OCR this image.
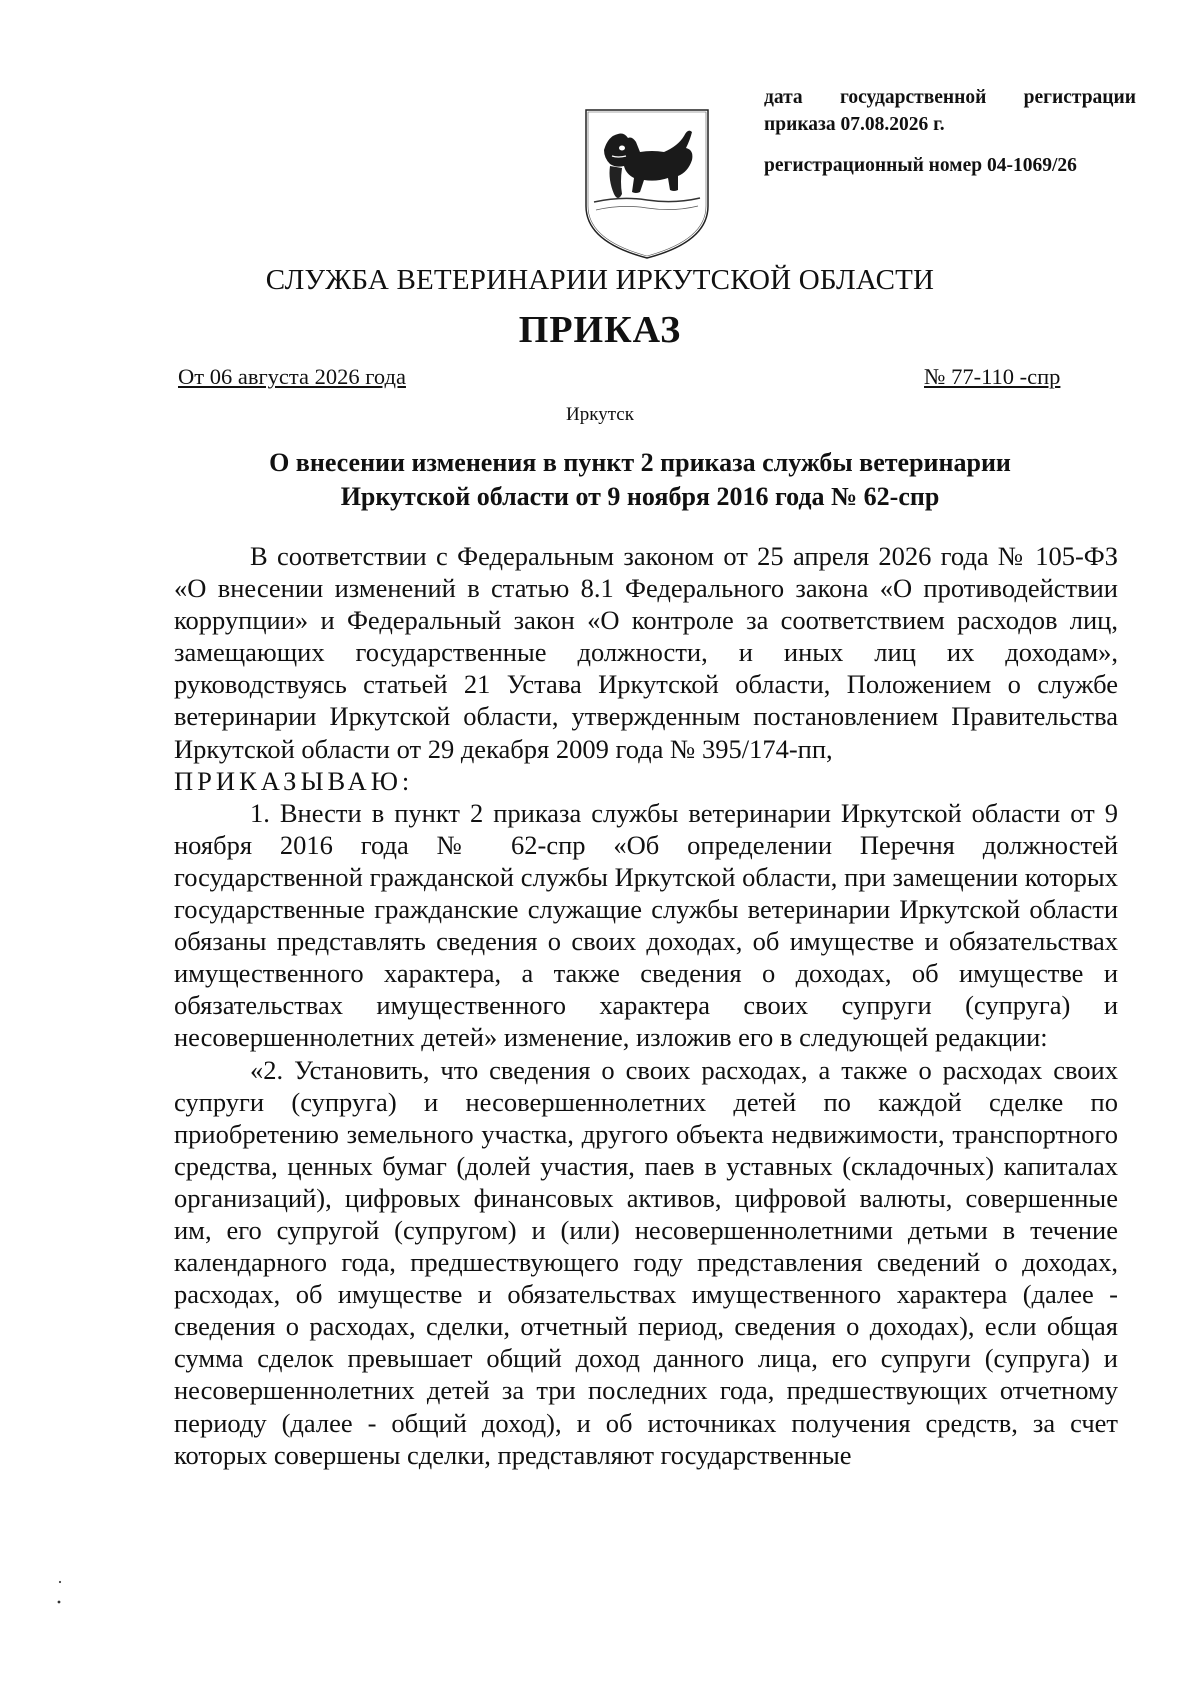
дата государственной регистрации
приказа 07.08.2026 г.
регистрационный номер 04-1069/26
СЛУЖБА ВЕТЕРИНАРИИ ИРКУТСКОЙ ОБЛАСТИ
ПРИКАЗ
От 06 августа 2026 года	№ 77-110 -спр
Иркутск
О внесении изменения в пункт 2 приказа службы ветеринарии
Иркутской области от 9 ноября 2016 года № 62-спр

В соответствии с Федеральным законом от 25 апреля 2026 года № 105-ФЗ «О внесении изменений в статью 8.1 Федерального закона «О противодействии коррупции» и Федеральный закон «О контроле за соответствием расходов лиц, замещающих государственные должности, и иных лиц их доходам», руководствуясь статьей 21 Устава Иркутской области, Положением о службе ветеринарии Иркутской области, утвержденным постановлением Правительства Иркутской области от 29 декабря 2009 года № 395/174-пп,

ПРИКАЗЫВАЮ:

1. Внести в пункт 2 приказа службы ветеринарии Иркутской области от 9 ноября 2016 года № 62-спр «Об определении Перечня должностей государственной гражданской службы Иркутской области, при замещении которых государственные гражданские служащие службы ветеринарии Иркутской области обязаны представлять сведения о своих доходах, об имуществе и обязательствах имущественного характера, а также сведения о доходах, об имуществе и обязательствах имущественного характера своих супруги (супруга) и несовершеннолетних детей» изменение, изложив его в следующей редакции:

«2. Установить, что сведения о своих расходах, а также о расходах своих супруги (супруга) и несовершеннолетних детей по каждой сделке по приобретению земельного участка, другого объекта недвижимости, транспортного средства, ценных бумаг (долей участия, паев в уставных (складочных) капиталах организаций), цифровых финансовых активов, цифровой валюты, совершенные им, его супругой (супругом) и (или) несовершеннолетними детьми в течение календарного года, предшествующего году представления сведений о доходах, расходах, об имуществе и обязательствах имущественного характера (далее - сведения о расходах, сделки, отчетный период, сведения о доходах), если общая сумма сделок превышает общий доход данного лица, его супруги (супруга) и несовершеннолетних детей за три последних года, предшествующих отчетному периоду (далее - общий доход), и об источниках получения средств, за счет которых совершены сделки, представляют государственные
